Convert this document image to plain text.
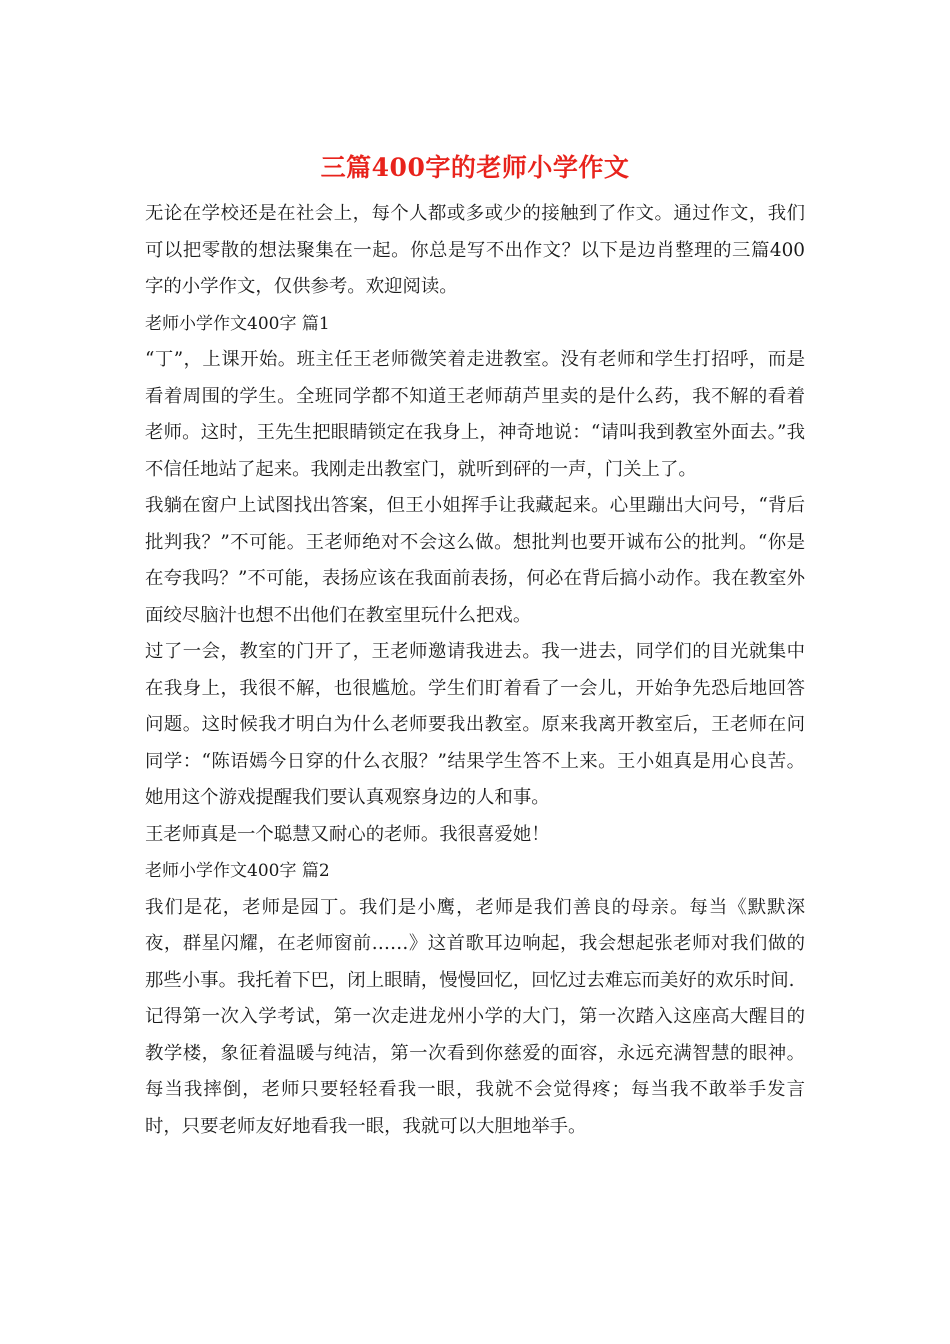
三篇400字的老师小学作文

无论在学校还是在社会上，每个人都或多或少的接触到了作文。通过作文，我们可以把零散的想法聚集在一起。你总是写不出作文？以下是边肖整理的三篇400字的小学作文，仅供参考。欢迎阅读。

老师小学作文400字 篇1

“丁”，上课开始。班主任王老师微笑着走进教室。没有老师和学生打招呼，而是看着周围的学生。全班同学都不知道王老师葫芦里卖的是什么药，我不解的看着老师。这时，王先生把眼睛锁定在我身上，神奇地说：“请叫我到教室外面去。”我不信任地站了起来。我刚走出教室门，就听到砰的一声，门关上了。

我躺在窗户上试图找出答案，但王小姐挥手让我藏起来。心里蹦出大问号，“背后批判我？”不可能。王老师绝对不会这么做。想批判也要开诚布公的批判。“你是在夸我吗？”不可能，表扬应该在我面前表扬，何必在背后搞小动作。我在教室外面绞尽脑汁也想不出他们在教室里玩什么把戏。

过了一会，教室的门开了，王老师邀请我进去。我一进去，同学们的目光就集中在我身上，我很不解，也很尴尬。学生们盯着看了一会儿，开始争先恐后地回答问题。这时候我才明白为什么老师要我出教室。原来我离开教室后，王老师在问同学：“陈语嫣今日穿的什么衣服？”结果学生答不上来。王小姐真是用心良苦。她用这个游戏提醒我们要认真观察身边的人和事。

王老师真是一个聪慧又耐心的老师。我很喜爱她！

老师小学作文400字 篇2

我们是花，老师是园丁。我们是小鹰，老师是我们善良的母亲。每当《默默深夜，群星闪耀，在老师窗前……》这首歌耳边响起，我会想起张老师对我们做的那些小事。我托着下巴，闭上眼睛，慢慢回忆，回忆过去难忘而美好的欢乐时间.

记得第一次入学考试，第一次走进龙州小学的大门，第一次踏入这座高大醒目的教学楼，象征着温暖与纯洁，第一次看到你慈爱的面容，永远充满智慧的眼神。每当我摔倒，老师只要轻轻看我一眼，我就不会觉得疼；每当我不敢举手发言时，只要老师友好地看我一眼，我就可以大胆地举手。
